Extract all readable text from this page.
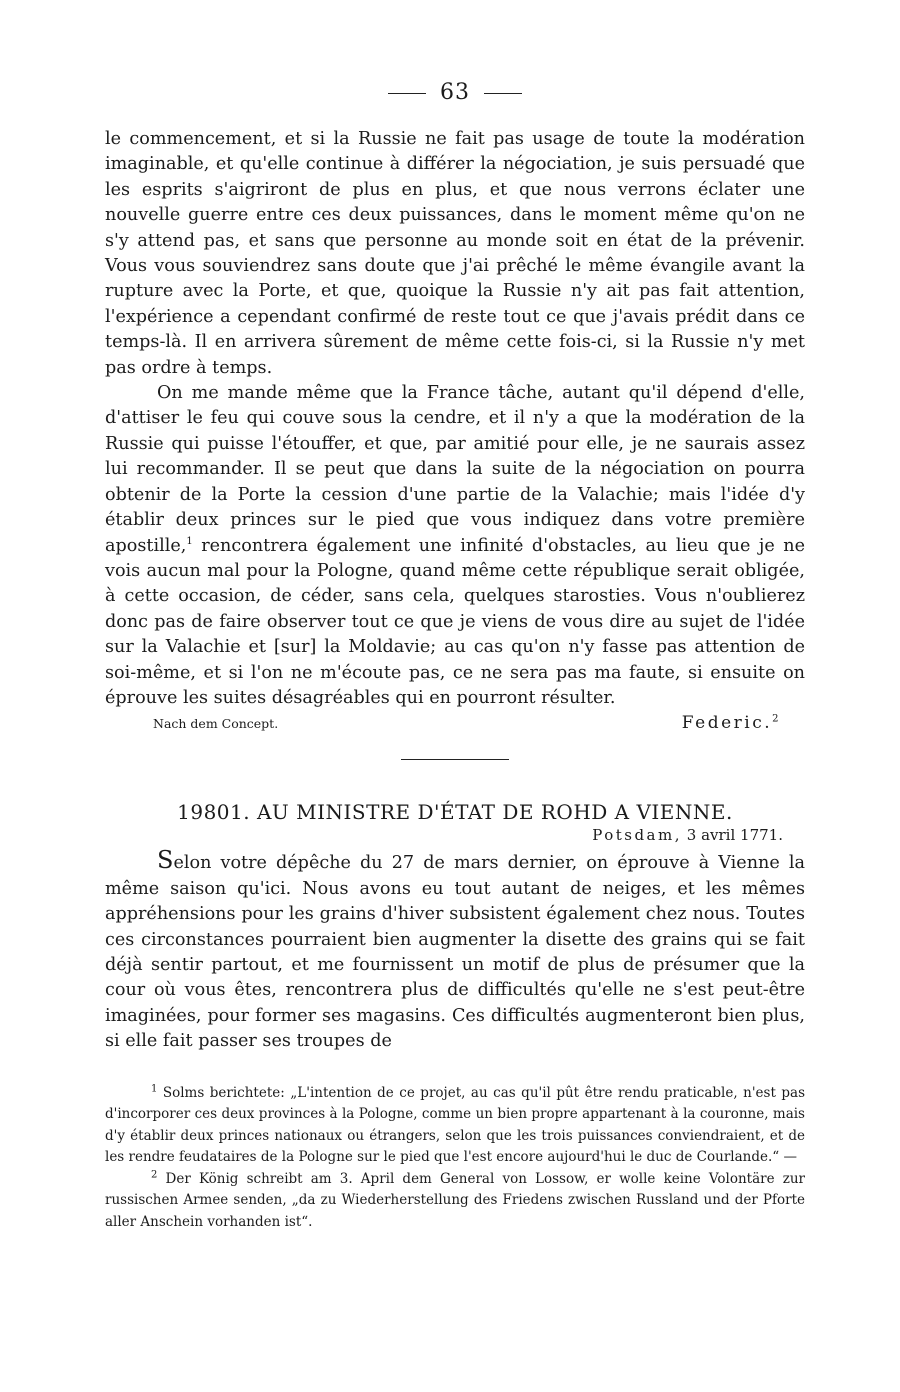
63

le commencement, et si la Russie ne fait pas usage de toute la modération imaginable, et qu'elle continue à différer la négociation, je suis persuadé que les esprits s'aigriront de plus en plus, et que nous verrons éclater une nouvelle guerre entre ces deux puissances, dans le moment même qu'on ne s'y attend pas, et sans que personne au monde soit en état de la prévenir. Vous vous souviendrez sans doute que j'ai prêché le même évangile avant la rupture avec la Porte, et que, quoique la Russie n'y ait pas fait attention, l'expérience a cependant confirmé de reste tout ce que j'avais prédit dans ce temps-là. Il en arrivera sûrement de même cette fois-ci, si la Russie n'y met pas ordre à temps.

On me mande même que la France tâche, autant qu'il dépend d'elle, d'attiser le feu qui couve sous la cendre, et il n'y a que la modération de la Russie qui puisse l'étouffer, et que, par amitié pour elle, je ne saurais assez lui recommander. Il se peut que dans la suite de la négociation on pourra obtenir de la Porte la cession d'une partie de la Valachie; mais l'idée d'y établir deux princes sur le pied que vous indiquez dans votre première apostille,$^1$ rencontrera également une infinité d'obstacles, au lieu que je ne vois aucun mal pour la Pologne, quand même cette république serait obligée, à cette occasion, de céder, sans cela, quelques starosties. Vous n'oublierez donc pas de faire observer tout ce que je viens de vous dire au sujet de l'idée sur la Valachie et [sur] la Moldavie; au cas qu'on n'y fasse pas attention de soi-même, et si l'on ne m'écoute pas, ce ne sera pas ma faute, si ensuite on éprouve les suites désagréables qui en pourront résulter.

Nach dem Concept.	Federic.$^2$
19801. AU MINISTRE D'ÉTAT DE ROHD A VIENNE.
Potsdam, 3 avril 1771.

Selon votre dépêche du 27 de mars dernier, on éprouve à Vienne la même saison qu'ici. Nous avons eu tout autant de neiges, et les mêmes appréhensions pour les grains d'hiver subsistent également chez nous. Toutes ces circonstances pourraient bien augmenter la disette des grains qui se fait déjà sentir partout, et me fournissent un motif de plus de présumer que la cour où vous êtes, rencontrera plus de difficultés qu'elle ne s'est peut-être imaginées, pour former ses magasins. Ces difficultés augmenteront bien plus, si elle fait passer ses troupes de

$^1$ Solms berichtete: „L'intention de ce projet, au cas qu'il pût être rendu praticable, n'est pas d'incorporer ces deux provinces à la Pologne, comme un bien propre appartenant à la couronne, mais d'y établir deux princes nationaux ou étrangers, selon que les trois puissances conviendraient, et de les rendre feudataires de la Pologne sur le pied que l'est encore aujourd'hui le duc de Courlande.“ —

$^2$ Der König schreibt am 3. April dem General von Lossow, er wolle keine Volontäre zur russischen Armee senden, „da zu Wiederherstellung des Friedens zwischen Russland und der Pforte aller Anschein vorhanden ist“.
